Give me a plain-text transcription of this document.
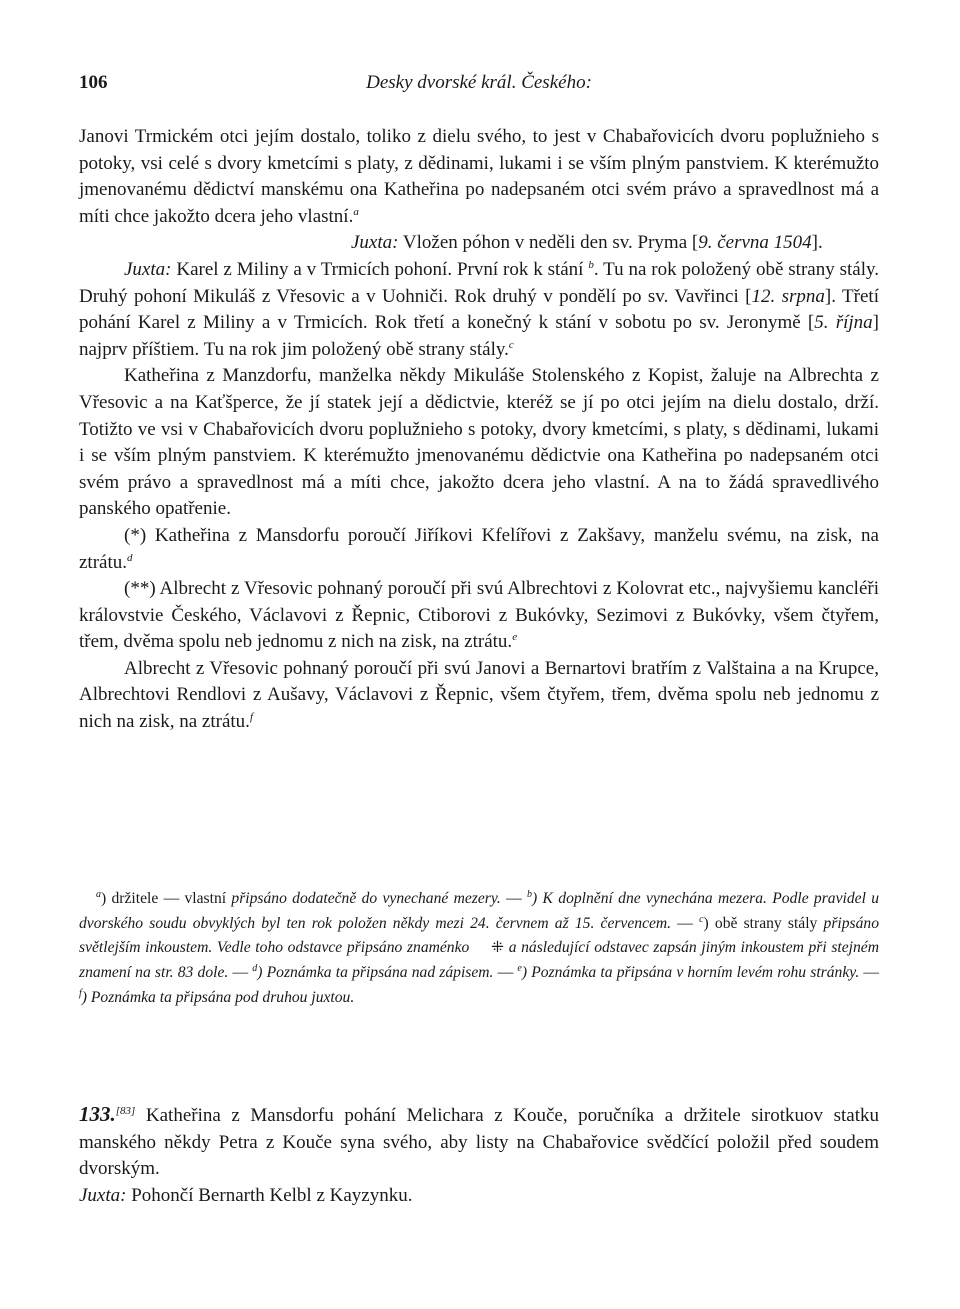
106	Desky dvorské král. Českého:

Janovi Trmickém otci jejím dostalo, toliko z dielu svého, to jest v Chabařovicích dvoru poplužnieho s potoky, vsi celé s dvory kmetcími s platy, z dědinami, lukami i se vším plným panstviem. K kterémužto jmenovanému dědictví manskému ona Katheřina po nadepsaném otci svém právo a spravedlnost má a míti chce jakožto dcera jeho vlastní.$^a$

Juxta: Vložen póhon v neděli den sv. Pryma [9. června 1504].

Juxta: Karel z Miliny a v Trmicích pohoní. První rok k stání $^b$. Tu na rok položený obě strany stály. Druhý pohoní Mikuláš z Vřesovic a v Uohniči. Rok druhý v pondělí po sv. Vavřinci [12. srpna]. Třetí pohání Karel z Miliny a v Trmicích. Rok třetí a konečný k stání v sobotu po sv. Jeronymě [5. října] najprv příštiem. Tu na rok jim položený obě strany stály.$^c$

Katheřina z Manzdorfu, manželka někdy Mikuláše Stolenského z Kopist, žaluje na Albrechta z Vřesovic a na Kaťšperce, že jí statek její a dědictvie, kteréž se jí po otci jejím na dielu dostalo, drží. Totižto ve vsi v Chabařovicích dvoru poplužnieho s potoky, dvory kmetcími, s platy, s dědinami, lukami i se vším plným panstviem. K kterémužto jmenovanému dědictvie ona Katheřina po nadepsaném otci svém právo a spravedlnost má a míti chce, jakožto dcera jeho vlastní. A na to žádá spravedlivého panského opatřenie.

(*) Katheřina z Mansdorfu poroučí Jiříkovi Kfelířovi z Zakšavy, manželu svému, na zisk, na ztrátu.$^d$

(**) Albrecht z Vřesovic pohnaný poroučí při svú Albrechtovi z Kolovrat etc., najvyšiemu kancléři královstvie Českého, Václavovi z Řepnic, Ctiborovi z Bukóvky, Sezimovi z Bukóvky, všem čtyřem, třem, dvěma spolu neb jednomu z nich na zisk, na ztrátu.$^e$

Albrecht z Vřesovic pohnaný poroučí při svú Janovi a Bernartovi bratřím z Valštaina a na Krupce, Albrechtovi Rendlovi z Aušavy, Václavovi z Řepnic, všem čtyřem, třem, dvěma spolu neb jednomu z nich na zisk, na ztrátu.$^f$

$^a$) držitele — vlastní připsáno dodatečně do vynechané mezery. — $^b$) K doplnění dne vynechána mezera. Podle pravidel u dvorského soudu obvyklých byl ten rok položen někdy mezi 24. červnem až 15. červencem. — $^c$) obě strany stály připsáno světlejším inkoustem. Vedle toho odstavce připsáno znaménko ⁜ a následující odstavec zapsán jiným inkoustem při stejném znamení na str. 83 dole. — $^d$) Poznámka ta připsána nad zápisem. — $^e$) Poznámka ta připsána v horním levém rohu stránky. — $^f$) Poznámka ta připsána pod druhou juxtou.

133.[83] Katheřina z Mansdorfu pohání Melichara z Kouče, poručníka a držitele sirotkuov statku manského někdy Petra z Kouče syna svého, aby listy na Chabařovice svědčící položil před soudem dvorským.

Juxta: Pohončí Bernarth Kelbl z Kayzynku.
